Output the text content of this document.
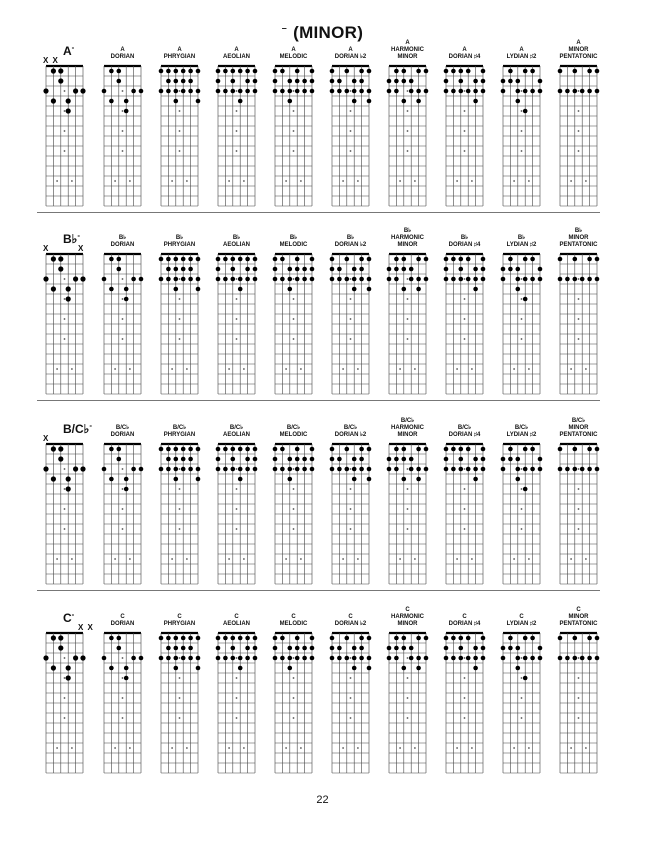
– (MINOR)
A-
X X
A
DORIAN
A
PHRYGIAN
A
AEOLIAN
A
MELODIC
A
DORIAN ♭2
A
HARMONIC
MINOR
A
DORIAN ♯4
A
LYDIAN ♯2
A
MINOR
PENTATONIC
B♭-
X	X
B♭
DORIAN
B♭
PHRYGIAN
B♭
AEOLIAN
B♭
MELODIC
B♭
DORIAN ♭2
B♭
HARMONIC
MINOR
B♭
DORIAN ♯4
B♭
LYDIAN ♯2
B♭
MINOR
PENTATONIC
B/C♭-
X
B/C♭
DORIAN
B/C♭
PHRYGIAN
B/C♭
AEOLIAN
B/C♭
MELODIC
B/C♭
DORIAN ♭2
B/C♭
HARMONIC
MINOR
B/C♭
DORIAN ♯4
B/C♭
LYDIAN ♯2
B/C♭
MINOR
PENTATONIC
C-
X X
C
DORIAN
C
PHRYGIAN
C
AEOLIAN
C
MELODIC
C
DORIAN ♭2
C
HARMONIC
MINOR
C
DORIAN ♯4
C
LYDIAN ♯2
C
MINOR
PENTATONIC
22
